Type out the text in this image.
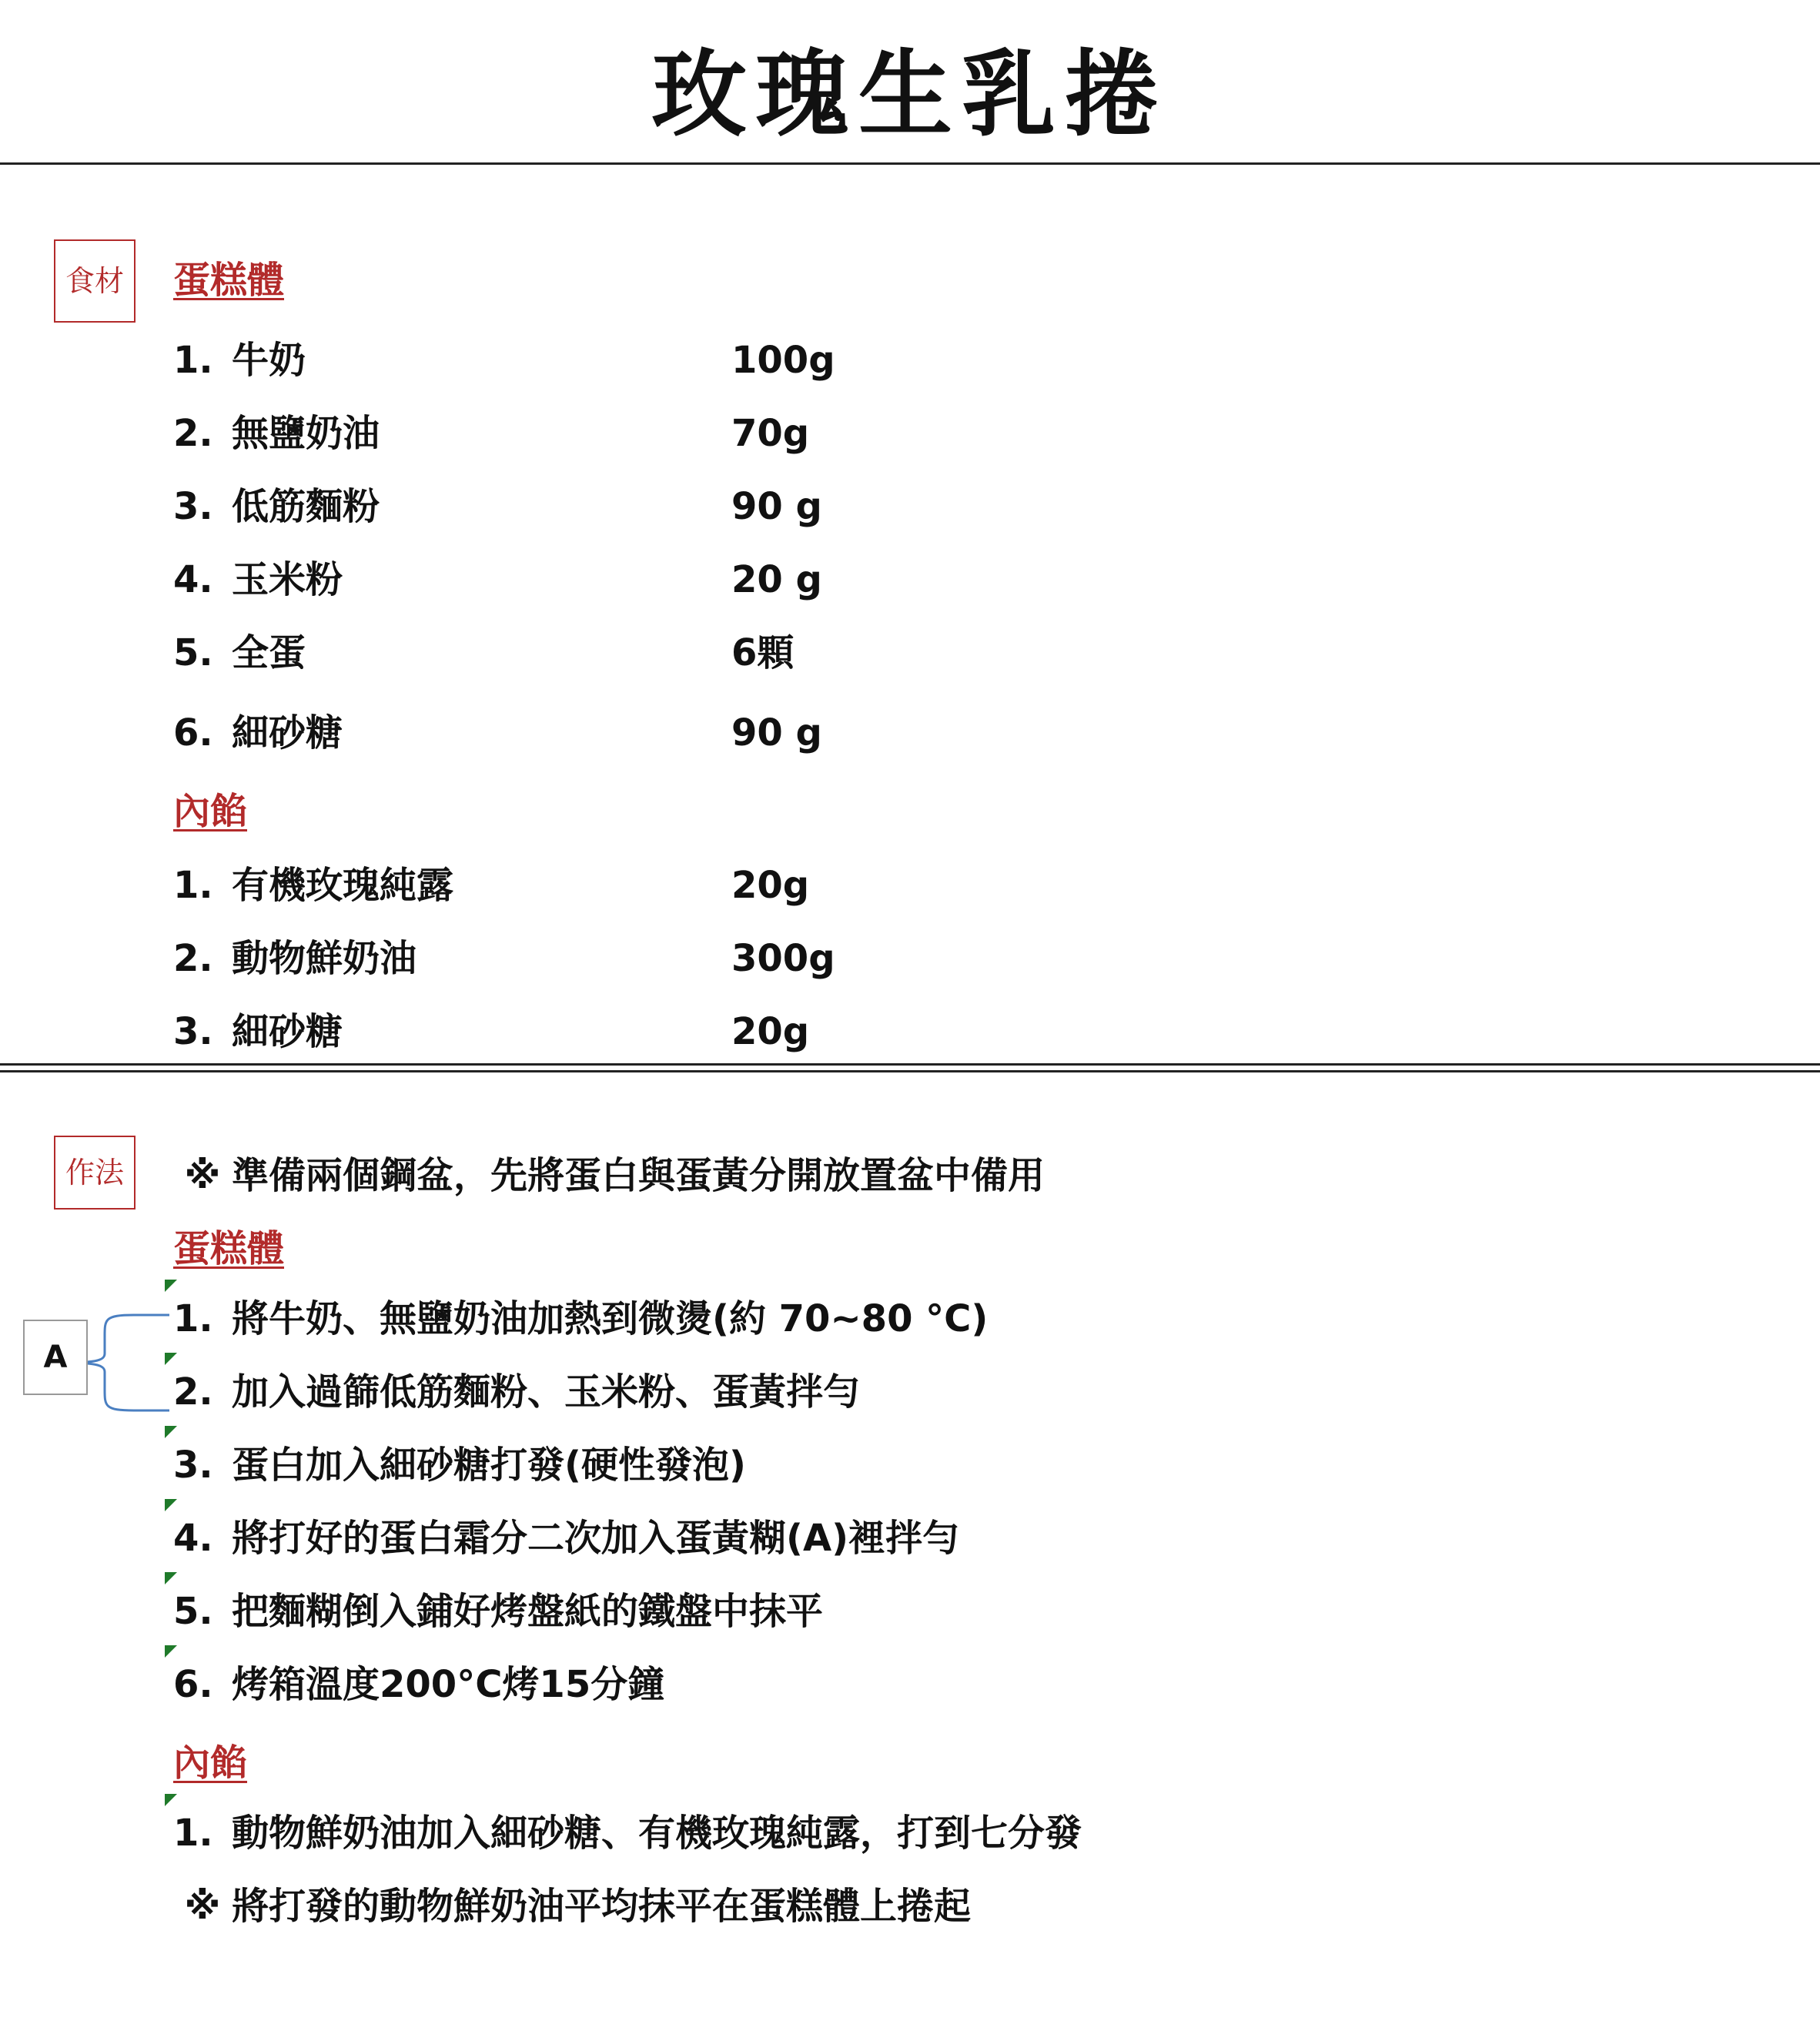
玫瑰生乳捲
食材	蛋糕體
1. 牛奶	100g
2. 無鹽奶油	70g
3. 低筋麵粉	90 g
4. 玉米粉	20 g
5. 全蛋	6顆
6. 細砂糖	90 g
內餡
1. 有機玫瑰純露	20g
2. 動物鮮奶油	300g
3. 細砂糖	20g
作法	※ 準備兩個鋼盆，先將蛋白與蛋黃分開放置盆中備用
蛋糕體
1. 將牛奶、無鹽奶油加熱到微燙(約 70~80 °C)
2. 加入過篩低筋麵粉、玉米粉、蛋黃拌勻
3. 蛋白加入細砂糖打發(硬性發泡)
4. 將打好的蛋白霜分二次加入蛋黃糊(A)裡拌勻
5. 把麵糊倒入鋪好烤盤紙的鐵盤中抹平
6. 烤箱溫度200°C烤15分鐘
A
內餡
1. 動物鮮奶油加入細砂糖、有機玫瑰純露，打到七分發
※ 將打發的動物鮮奶油平均抹平在蛋糕體上捲起
